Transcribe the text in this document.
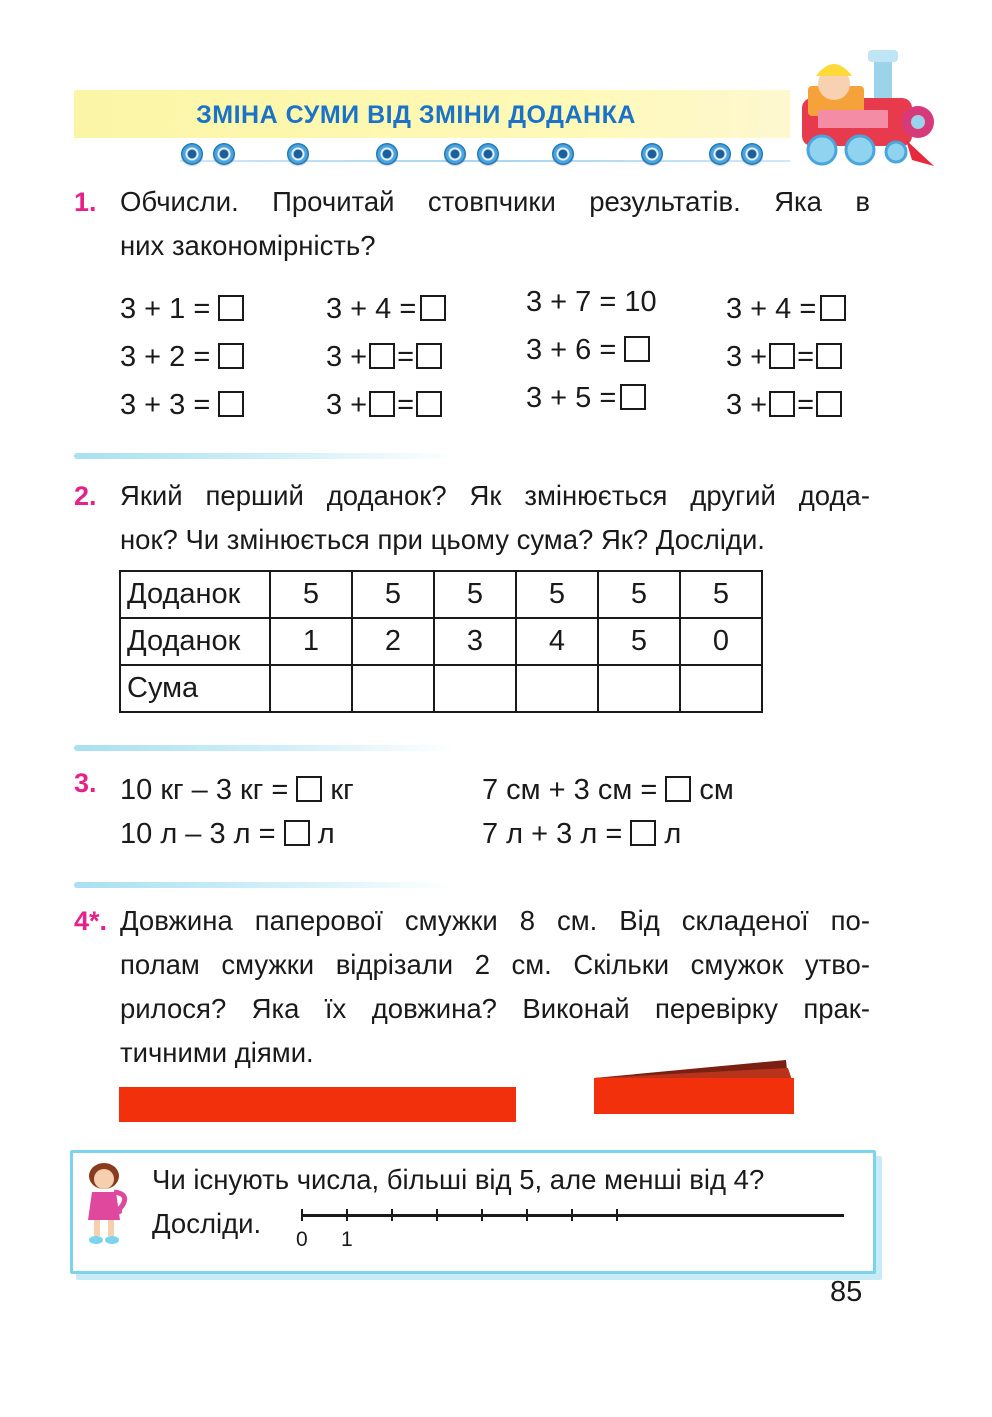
ЗМІНА СУМИ ВІД ЗМІНИ ДОДАНКА
1. Обчисли. Прочитай стовпчики результатів. Яка в
них закономірність?
3 + 1 =
3 + 2 =
3 + 3 =
3 + 4 =
3 + =
3 + =
3 + 7 = 10
3 + 6 =
3 + 5 =
3 + 4 =
3 + =
3 + =
2. Який перший доданок? Як змінюється другий дода-
нок? Чи змінюється при цьому сума? Як? Досліди.
Доданок	5	5	5	5	5	5
Доданок	1	2	3	4	5	0
Сума						
3. 10 кг – 3 кг = кг
10 л – 3 л = л
7 см + 3 см = см
7 л + 3 л = л
4*. Довжина паперової смужки 8 см. Від складеної по-
полам смужки відрізали 2 см. Скільки смужок утво-
рилося? Яка їх довжина? Виконай перевірку прак-
тичними діями.
Чи існують числа, більші від 5, але менші від 4?
Досліди.
0 1
85
